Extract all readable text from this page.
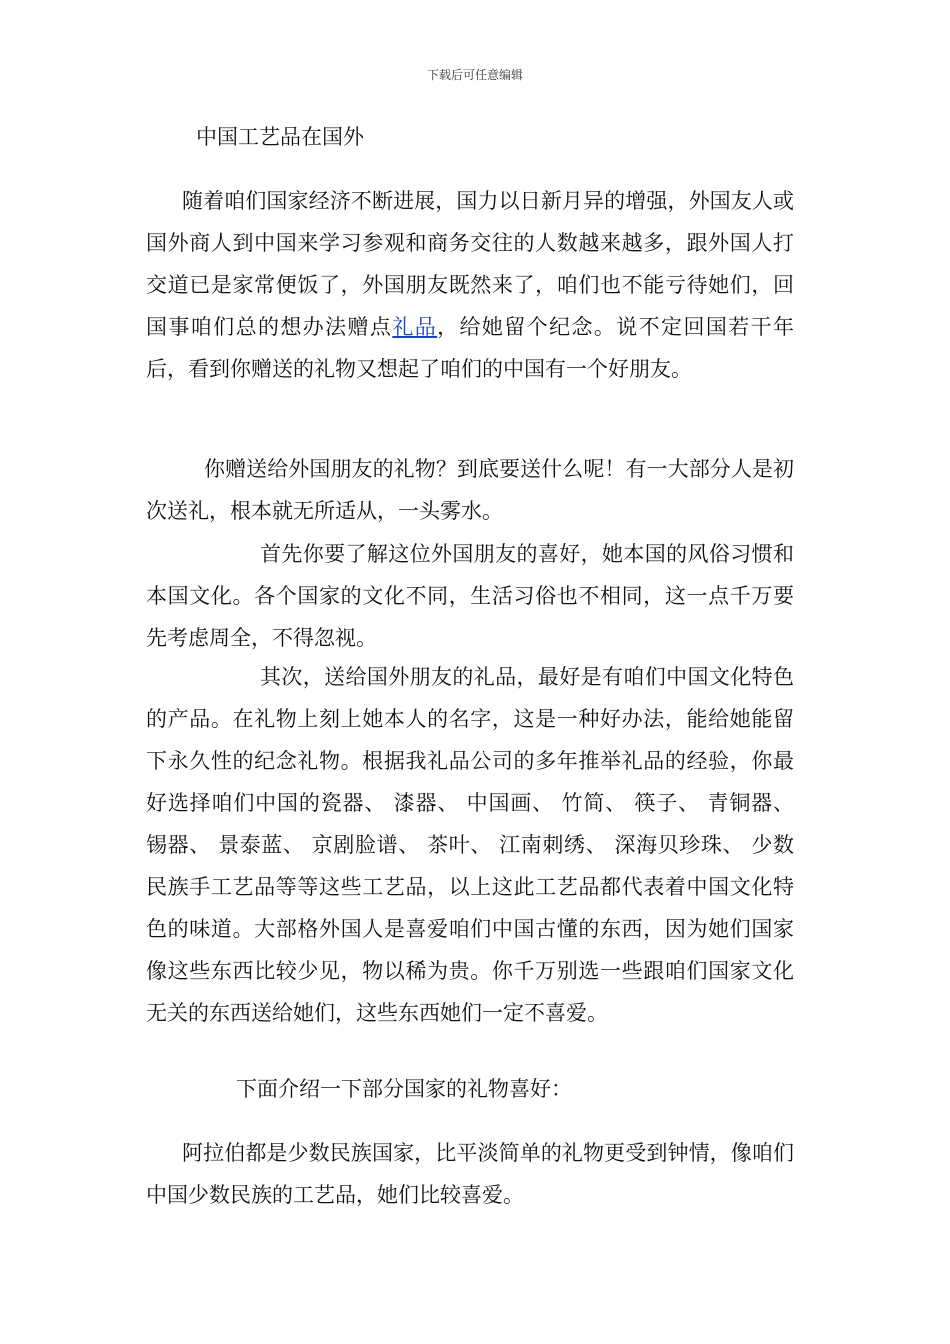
下载后可任意编辑
中国工艺品在国外

随着咱们国家经济不断进展，国力以日新月异的增强，外国友人或国外商人到中国来学习参观和商务交往的人数越来越多，跟外国人打交道已是家常便饭了，外国朋友既然来了，咱们也不能亏待她们，回国事咱们总的想办法赠点礼品，给她留个纪念。说不定回国若干年后，看到你赠送的礼物又想起了咱们的中国有一个好朋友。

你赠送给外国朋友的礼物？到底要送什么呢！有一大部分人是初次送礼，根本就无所适从，一头雾水。

首先你要了解这位外国朋友的喜好，她本国的风俗习惯和本国文化。各个国家的文化不同，生活习俗也不相同，这一点千万要先考虑周全，不得忽视。

其次，送给国外朋友的礼品，最好是有咱们中国文化特色的产品。在礼物上刻上她本人的名字，这是一种好办法，能给她能留下永久性的纪念礼物。根据我礼品公司的多年推举礼品的经验，你最好选择咱们中国的瓷器、 漆器、 中国画、 竹简、 筷子、 青铜器、 锡器、 景泰蓝、 京剧脸谱、 茶叶、 江南刺绣、 深海贝珍珠、 少数民族手工艺品等等这些工艺品，以上这此工艺品都代表着中国文化特色的味道。大部格外国人是喜爱咱们中国古懂的东西，因为她们国家像这些东西比较少见，物以稀为贵。你千万别选一些跟咱们国家文化无关的东西送给她们，这些东西她们一定不喜爱。

下面介绍一下部分国家的礼物喜好：

阿拉伯都是少数民族国家，比平淡简单的礼物更受到钟情，像咱们中国少数民族的工艺品，她们比较喜爱。
